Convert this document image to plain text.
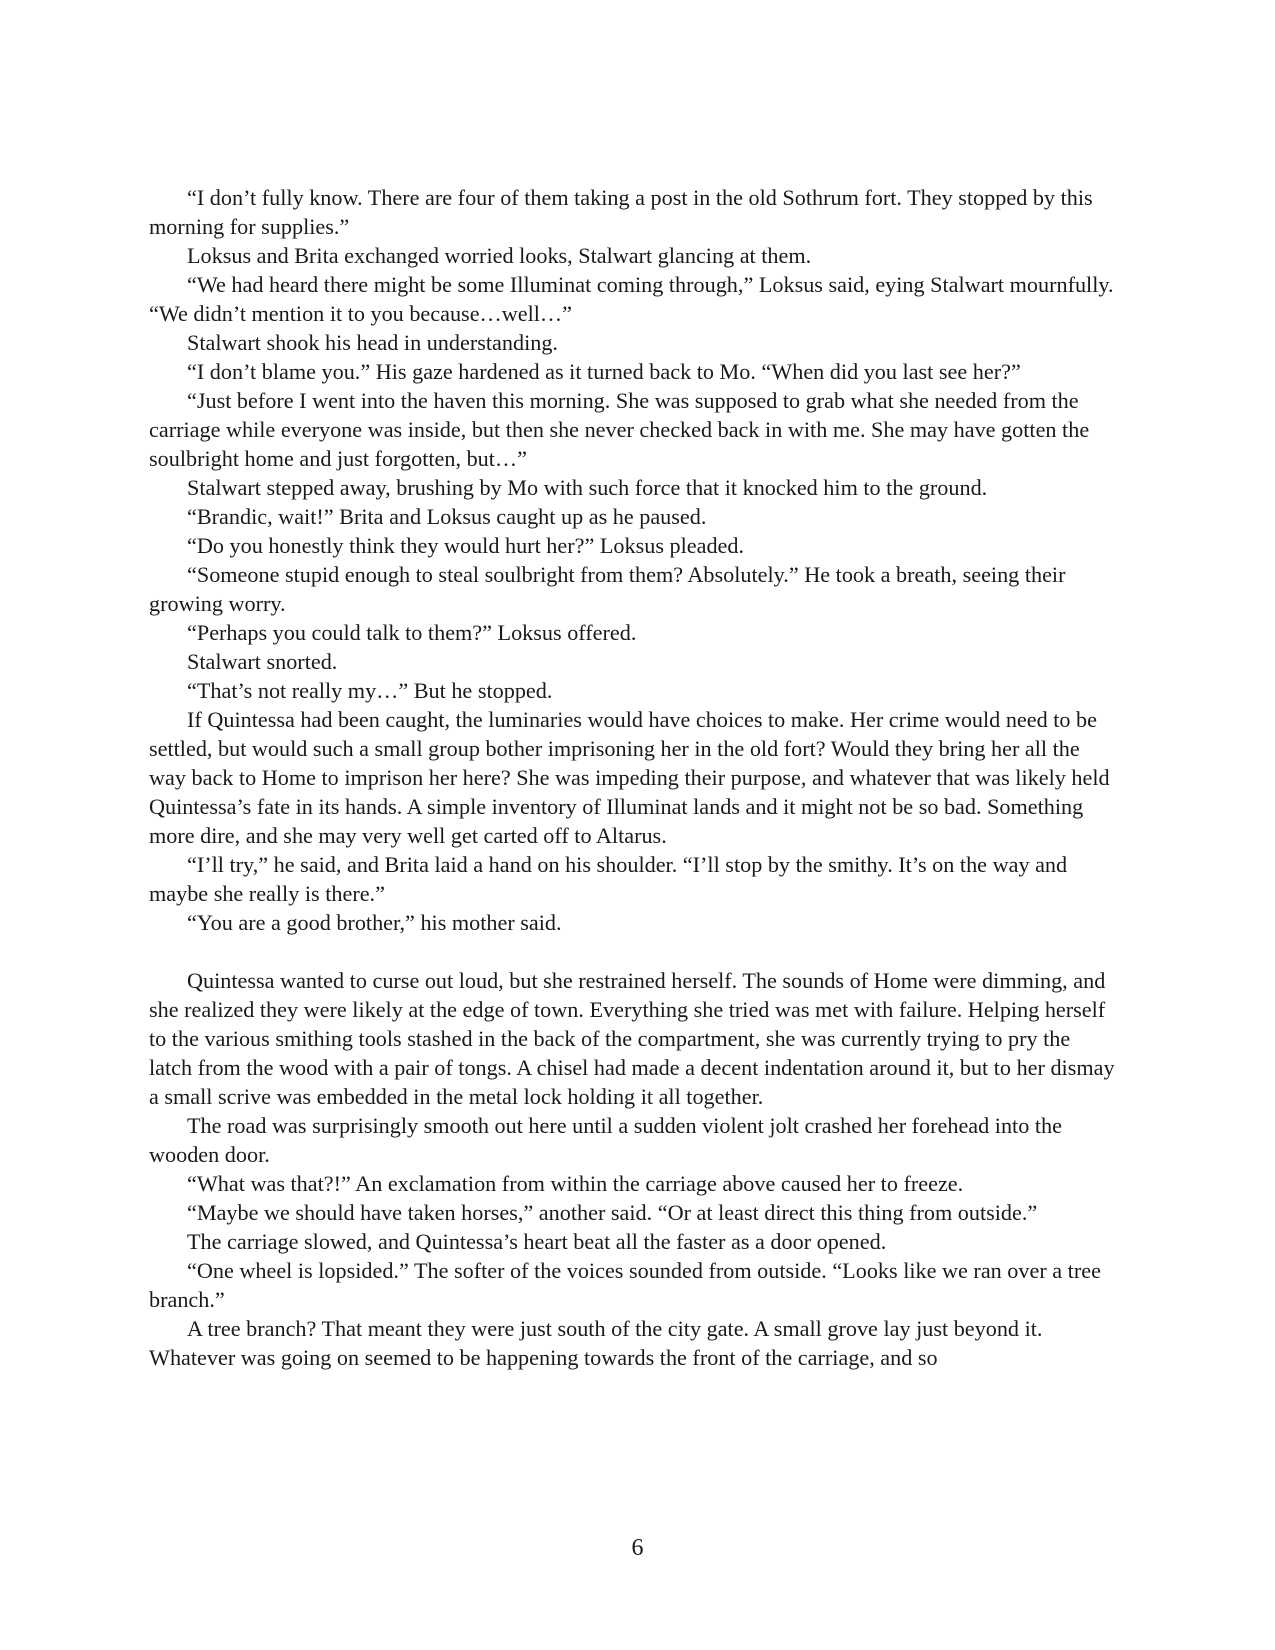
“I don’t fully know. There are four of them taking a post in the old Sothrum fort. They stopped by this morning for supplies.”

Loksus and Brita exchanged worried looks, Stalwart glancing at them.

“We had heard there might be some Illuminat coming through,” Loksus said, eying Stalwart mournfully. “We didn’t mention it to you because…well…”

Stalwart shook his head in understanding.

“I don’t blame you.” His gaze hardened as it turned back to Mo. “When did you last see her?”

“Just before I went into the haven this morning. She was supposed to grab what she needed from the carriage while everyone was inside, but then she never checked back in with me. She may have gotten the soulbright home and just forgotten, but…”

Stalwart stepped away, brushing by Mo with such force that it knocked him to the ground.

“Brandic, wait!” Brita and Loksus caught up as he paused.

“Do you honestly think they would hurt her?” Loksus pleaded.

“Someone stupid enough to steal soulbright from them? Absolutely.” He took a breath, seeing their growing worry.

“Perhaps you could talk to them?” Loksus offered.

Stalwart snorted.

“That’s not really my…” But he stopped.

If Quintessa had been caught, the luminaries would have choices to make. Her crime would need to be settled, but would such a small group bother imprisoning her in the old fort? Would they bring her all the way back to Home to imprison her here? She was impeding their purpose, and whatever that was likely held Quintessa’s fate in its hands. A simple inventory of Illuminat lands and it might not be so bad. Something more dire, and she may very well get carted off to Altarus.

“I’ll try,” he said, and Brita laid a hand on his shoulder. “I’ll stop by the smithy. It’s on the way and maybe she really is there.”

“You are a good brother,” his mother said.

Quintessa wanted to curse out loud, but she restrained herself. The sounds of Home were dimming, and she realized they were likely at the edge of town. Everything she tried was met with failure. Helping herself to the various smithing tools stashed in the back of the compartment, she was currently trying to pry the latch from the wood with a pair of tongs. A chisel had made a decent indentation around it, but to her dismay a small scrive was embedded in the metal lock holding it all together.

The road was surprisingly smooth out here until a sudden violent jolt crashed her forehead into the wooden door.

“What was that?!” An exclamation from within the carriage above caused her to freeze.

“Maybe we should have taken horses,” another said. “Or at least direct this thing from outside.”

The carriage slowed, and Quintessa’s heart beat all the faster as a door opened.

“One wheel is lopsided.” The softer of the voices sounded from outside. “Looks like we ran over a tree branch.”

A tree branch? That meant they were just south of the city gate. A small grove lay just beyond it. Whatever was going on seemed to be happening towards the front of the carriage, and so

6
